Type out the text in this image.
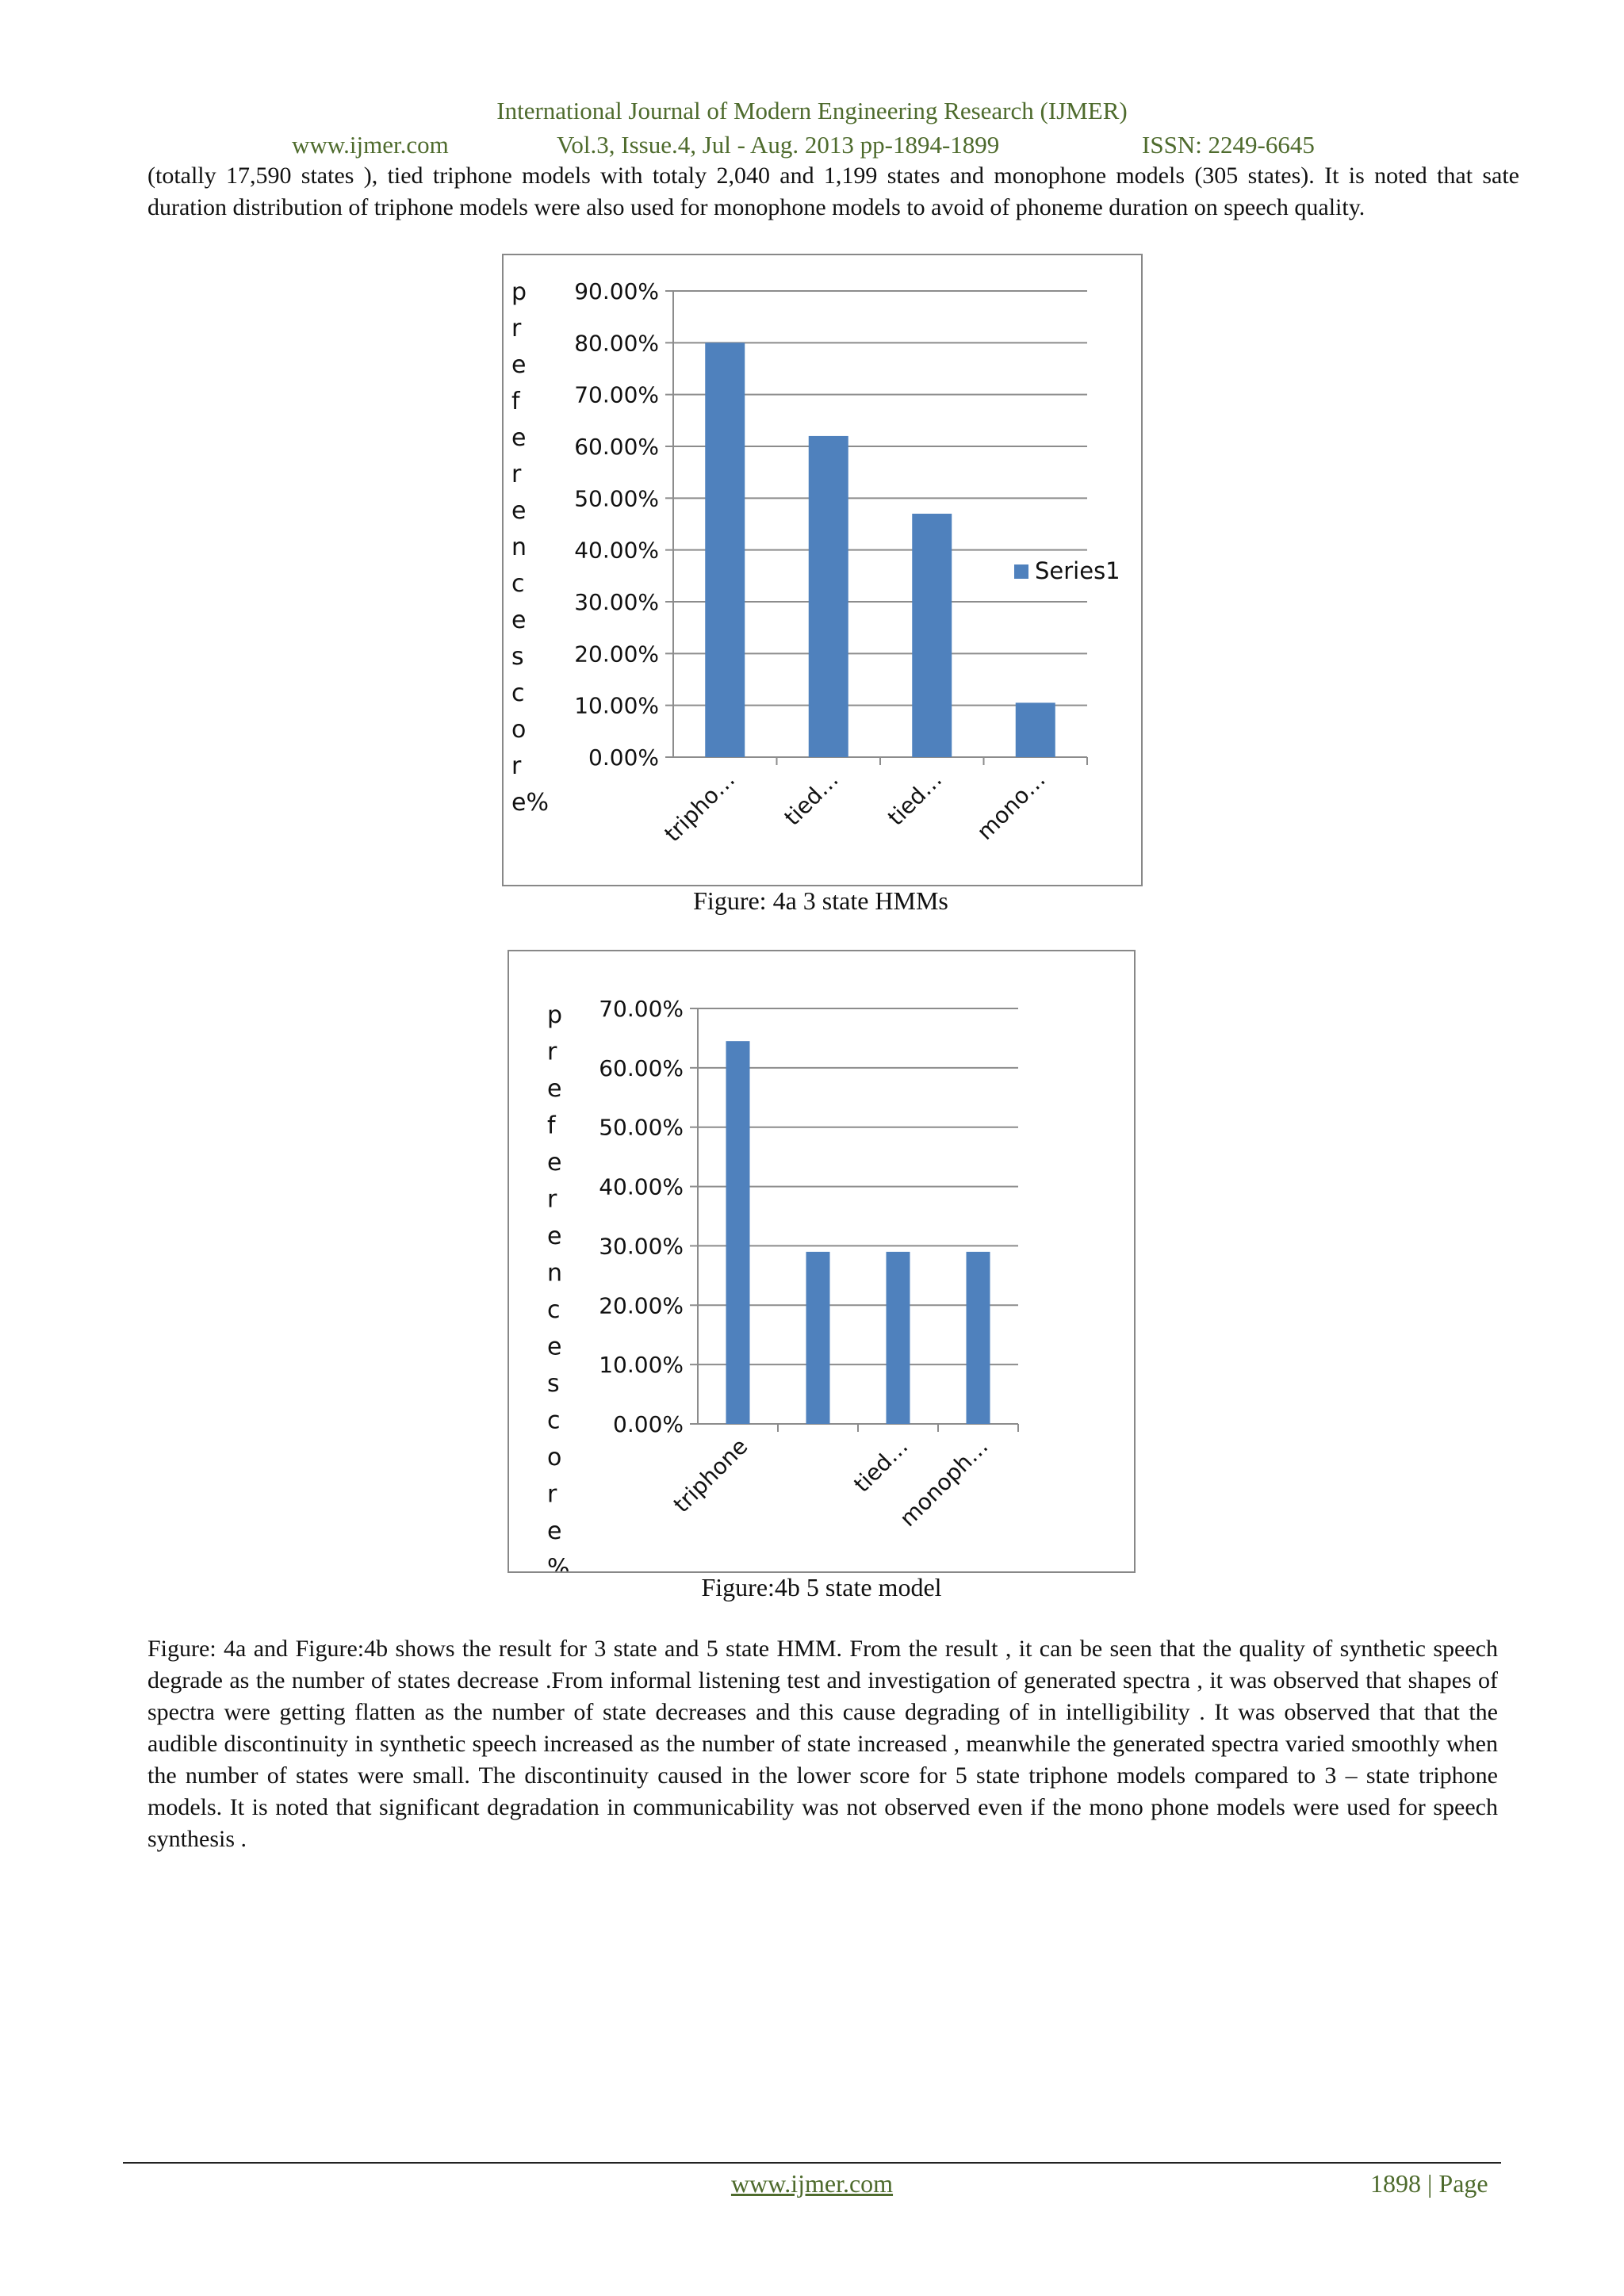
International Journal of Modern Engineering Research (IJMER)
www.ijmer.com	Vol.3, Issue.4, Jul - Aug. 2013 pp-1894-1899	ISSN: 2249-6645
(totally 17,590 states ), tied triphone models with totaly 2,040 and 1,199 states and monophone models (305 states). It is noted that sate duration distribution of triphone models were also used for monophone models to avoid of phoneme duration on speech quality.
0.00%
10.00%
20.00%
30.00%
40.00%
50.00%
60.00%
70.00%
80.00%
90.00%
tripho… tied… tied… mono…
p
r
e
f
e
r
e
n
c
e
s
c
o
r
e%
Series1
Figure: 4a 3 state HMMs
0.00%
10.00%
20.00%
30.00%
40.00%
50.00%
60.00%
70.00%
triphone	tied…
monoph…
p
r
e
f
e
r
e
n
c
e
s
c
o
r
e
%
Figure:4b 5 state model
Figure: 4a and Figure:4b shows the result for 3 state and 5 state HMM. From the result , it can be seen that the quality of synthetic speech degrade as the number of states decrease .From informal listening test and investigation of generated spectra , it was observed that shapes of spectra were getting flatten as the number of state decreases and this cause degrading of in intelligibility . It was observed that that the audible discontinuity in synthetic speech increased as the number of state increased , meanwhile the generated spectra varied smoothly when the number of states were small. The discontinuity caused in the lower score for 5 state triphone models compared to 3 – state triphone models. It is noted that significant degradation in communicability was not observed even if the mono phone models were used for speech synthesis .
www.ijmer.com	1898 | Page
